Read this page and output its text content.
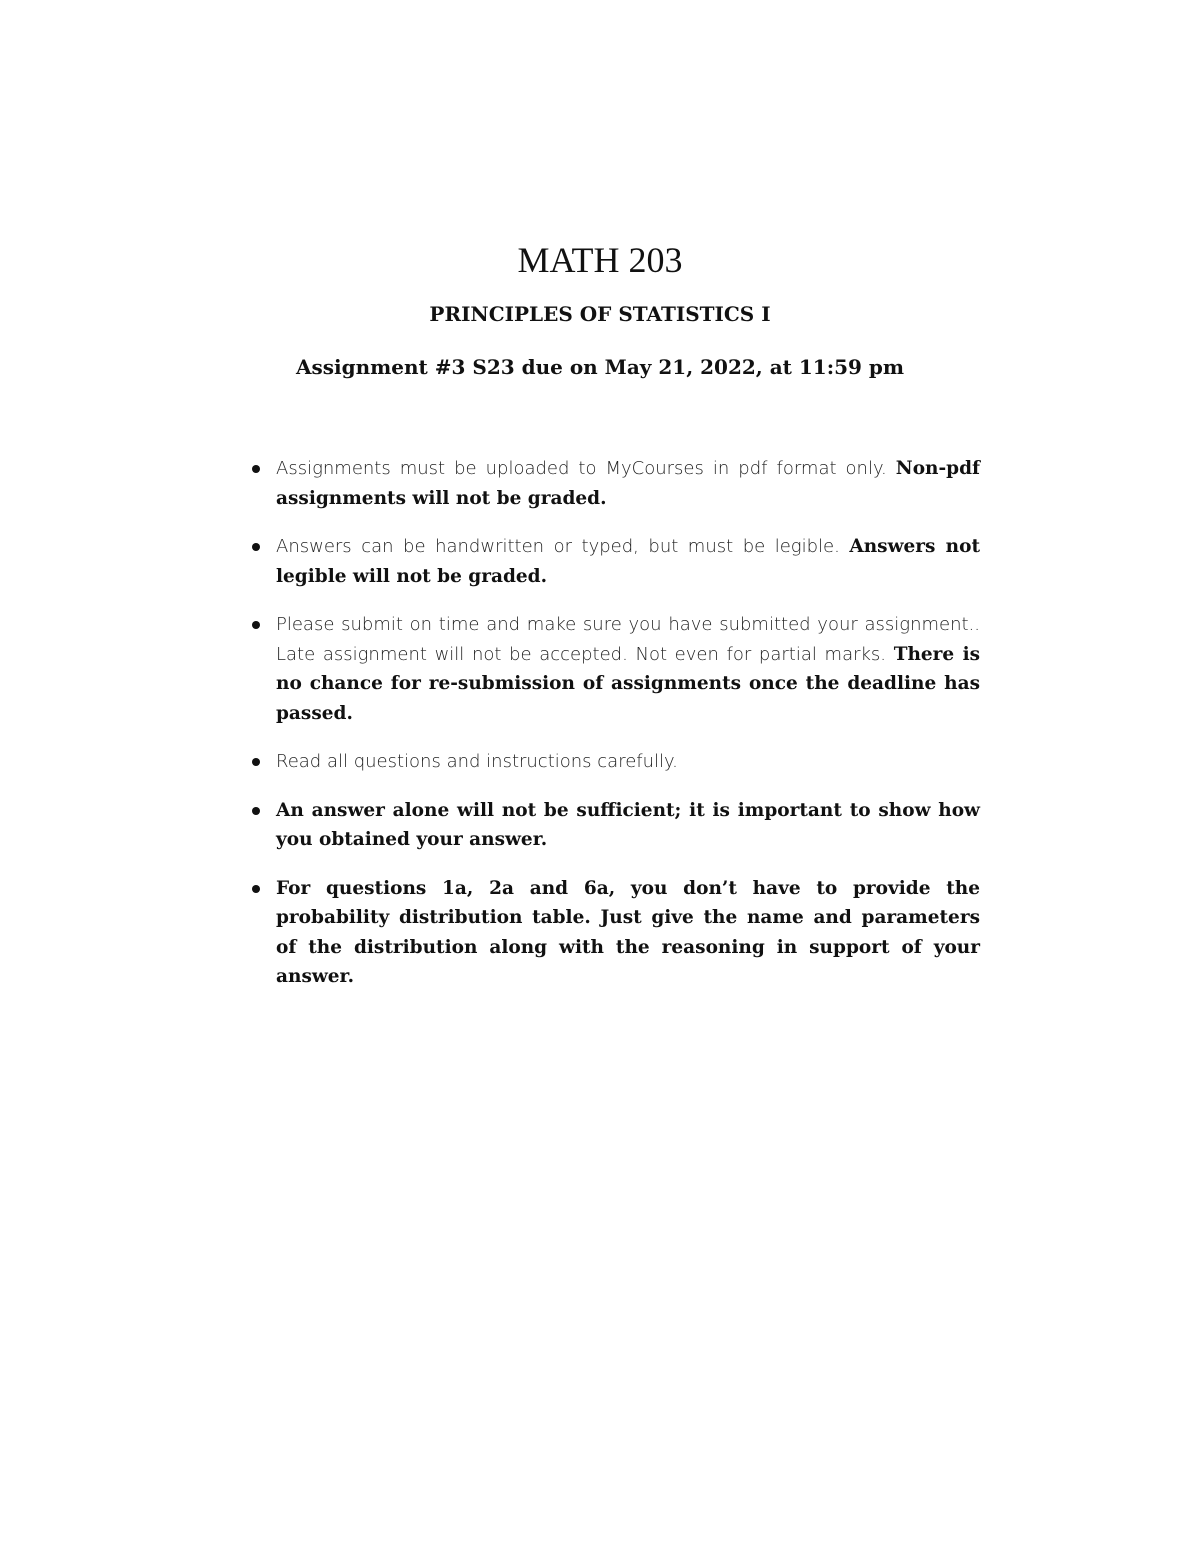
MATH 203
PRINCIPLES OF STATISTICS I

Assignment #3 S23 due on May 21, 2022, at 11:59 pm

Assignments must be uploaded to MyCourses in pdf format only. Non-pdf assignments will not be graded.
Answers can be handwritten or typed, but must be legible. Answers not legible will not be graded.
Please submit on time and make sure you have submitted your assignment.. Late assignment will not be accepted. Not even for partial marks. There is no chance for re-submission of assignments once the deadline has passed.
Read all questions and instructions carefully.
An answer alone will not be sufficient; it is important to show how you obtained your answer.
For questions 1a, 2a and 6a, you don’t have to provide the probability distribution table. Just give the name and parameters of the distribution along with the reasoning in support of your answer.
